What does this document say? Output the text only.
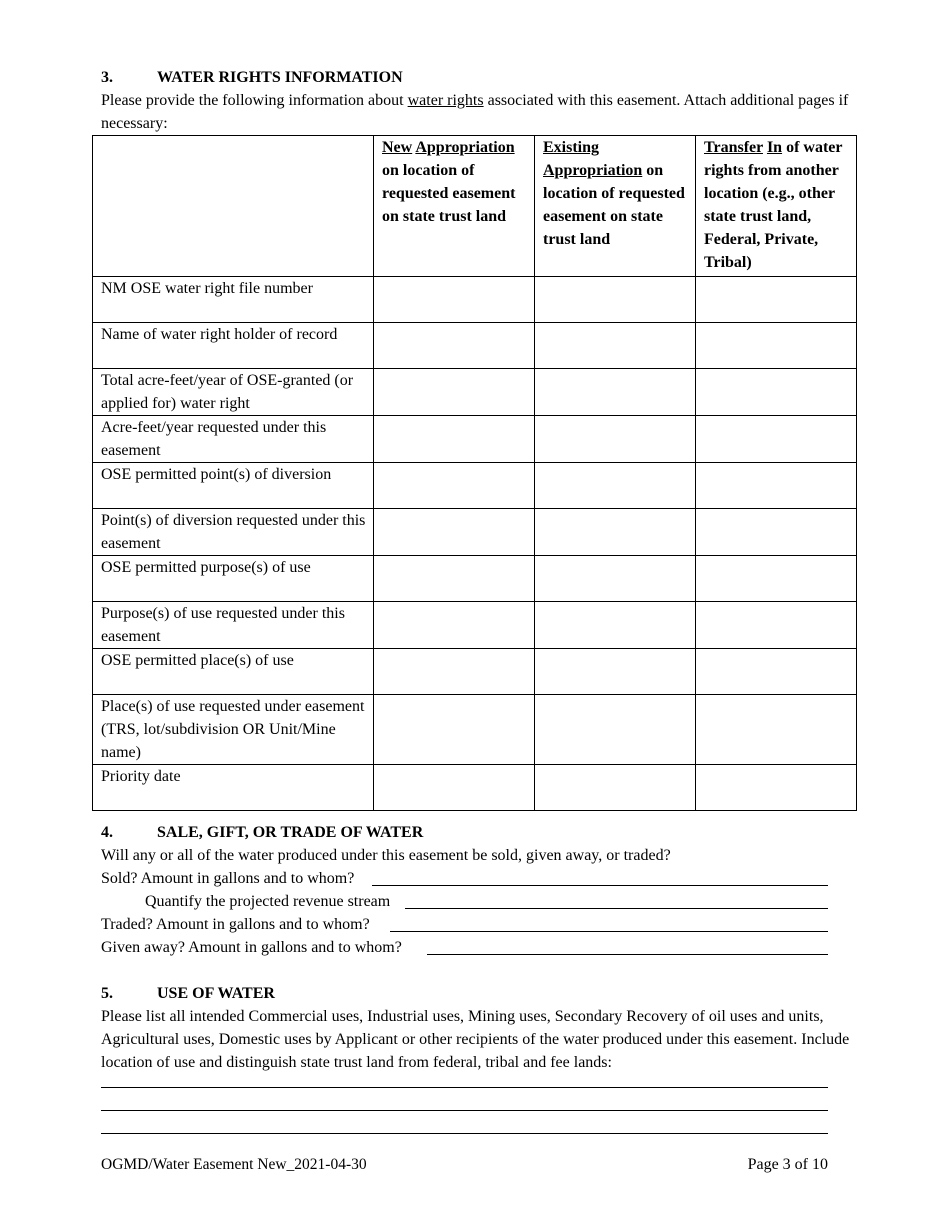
3.	WATER RIGHTS INFORMATION
Please provide the following information about water rights associated with this easement. Attach additional pages if necessary:
	New Appropriation on location of requested easement on state trust land	Existing Appropriation on location of requested easement on state trust land	Transfer In of water rights from another location (e.g., other state trust land, Federal, Private, Tribal)
NM OSE water right file number			
Name of water right holder of record			
Total acre-feet/year of OSE-granted (or applied for) water right			
Acre-feet/year requested under this easement			
OSE permitted point(s) of diversion			
Point(s) of diversion requested under this easement			
OSE permitted purpose(s) of use			
Purpose(s) of use requested under this easement			
OSE permitted place(s) of use			
Place(s) of use requested under easement (TRS, lot/subdivision OR Unit/Mine name)			
Priority date			
4.	SALE, GIFT, OR TRADE OF WATER
Will any or all of the water produced under this easement be sold, given away, or traded?
Sold? Amount in gallons and to whom?
Quantify the projected revenue stream
Traded? Amount in gallons and to whom?
Given away? Amount in gallons and to whom?
5.	USE OF WATER
Please list all intended Commercial uses, Industrial uses, Mining uses, Secondary Recovery of oil uses and units, Agricultural uses, Domestic uses by Applicant or other recipients of the water produced under this easement. Include location of use and distinguish state trust land from federal, tribal and fee lands:
OGMD/Water Easement New_2021-04-30	Page 3 of 10
